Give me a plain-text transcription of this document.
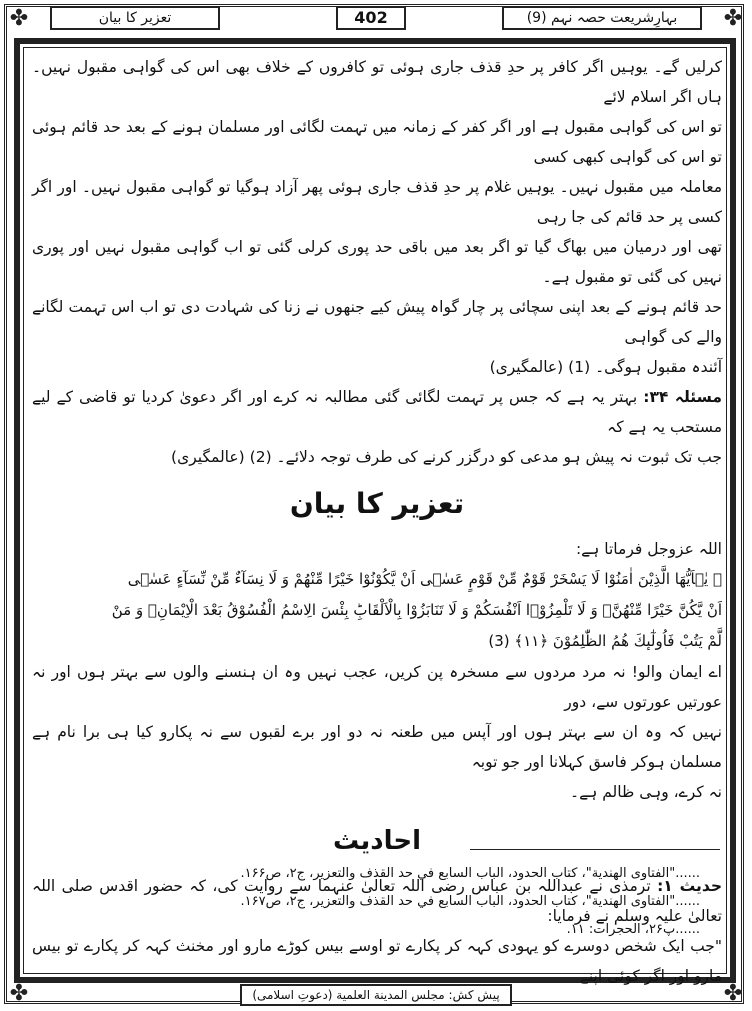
✤	✤
✤	✤
بہارِشریعت حصہ نہم (9)
402
تعزیر کا بیان

کرلیں گے۔ یوہیں اگر کافر پر حدِ قذف جاری ہوئی تو کافروں کے خلاف بھی اس کی گواہی مقبول نہیں۔ ہاں اگر اسلام لائے

تو اس کی گواہی مقبول ہے اور اگر کفر کے زمانہ میں تہمت لگائی اور مسلمان ہونے کے بعد حد قائم ہوئی تو اس کی گواہی کبھی کسی

معاملہ میں مقبول نہیں۔ یوہیں غلام پر حدِ قذف جاری ہوئی پھر آزاد ہوگیا تو گواہی مقبول نہیں۔ اور اگر کسی پر حد قائم کی جا رہی

تھی اور درمیان میں بھاگ گیا تو اگر بعد میں باقی حد پوری کرلی گئی تو اب گواہی مقبول نہیں اور پوری نہیں کی گئی تو مقبول ہے۔

حد قائم ہونے کے بعد اپنی سچائی پر چار گواہ پیش کیے جنھوں نے زنا کی شہادت دی تو اب اس تہمت لگانے والے کی گواہی

آئندہ مقبول ہوگی۔ (1) (عالمگیری)

مسئلہ ۳۴: بہتر یہ ہے کہ جس پر تہمت لگائی گئی مطالبہ نہ کرے اور اگر دعویٰ کردیا تو قاضی کے لیے مستحب یہ ہے کہ

جب تک ثبوت نہ پیش ہو مدعی کو درگزر کرنے کی طرف توجہ دلائے۔ (2) (عالمگیری)

تعزیر کا بیان

اللہ عزوجل فرماتا ہے:

﴿ یٰۤاَیُّهَا الَّذِیْنَ اٰمَنُوْا لَا یَسْخَرْ قَوْمٌ مِّنْ قَوْمٍ عَسٰۤى اَنْ یَّكُوْنُوْا خَیْرًا مِّنْهُمْ وَ لَا نِسَآءٌ مِّنْ نِّسَآءٍ عَسٰۤى

اَنْ یَّكُنَّ خَیْرًا مِّنْهُنَّۚ وَ لَا تَلْمِزُوْۤا اَنْفُسَكُمْ وَ لَا تَنَابَزُوْا بِالْاَلْقَابِؕ بِئْسَ الِاسْمُ الْفُسُوْقُ بَعْدَ الْاِیْمَانِۚ وَ مَنْ

لَّمْ یَتُبْ فَاُولٰٓىٕكَ هُمُ الظّٰلِمُوْنَ ﴿۱۱﴾ (3)

اے ایمان والو! نہ مرد مردوں سے مسخرہ پن کریں، عجب نہیں وہ ان ہنسنے والوں سے بہتر ہوں اور نہ عورتیں عورتوں سے، دور

نہیں کہ وہ ان سے بہتر ہوں اور آپس میں طعنہ نہ دو اور برے لقبوں سے نہ پکارو کیا ہی برا نام ہے مسلمان ہوکر فاسق کہلانا اور جو توبہ

نہ کرے، وہی ظالم ہے۔

احادیث

حدیث ۱: ترمذی نے عبداللہ بن عباس رضی اللہ تعالیٰ عنہما سے روایت کی، کہ حضور اقدس صلی اللہ تعالیٰ علیہ وسلم نے فرمایا:

"جب ایک شخص دوسرے کو یہودی کہہ کر پکارے تو اوسے بیس کوڑے مارو اور مخنث کہہ کر پکارے تو بیس مارو اور اگر کوئی اپنے

......"الفتاوی الهندية"، كتاب الحدود، الباب السابع في حد القذف والتعزير، ج۲، ص۱۶۶.
......"الفتاوی الهندية"، كتاب الحدود، الباب السابع في حد القذف والتعزير، ج۲، ص۱۶۷.
......پ۲۶، الحجرات: ۱۱.
پیش کش: مجلس المدینة العلمیة (دعوتِ اسلامی)
